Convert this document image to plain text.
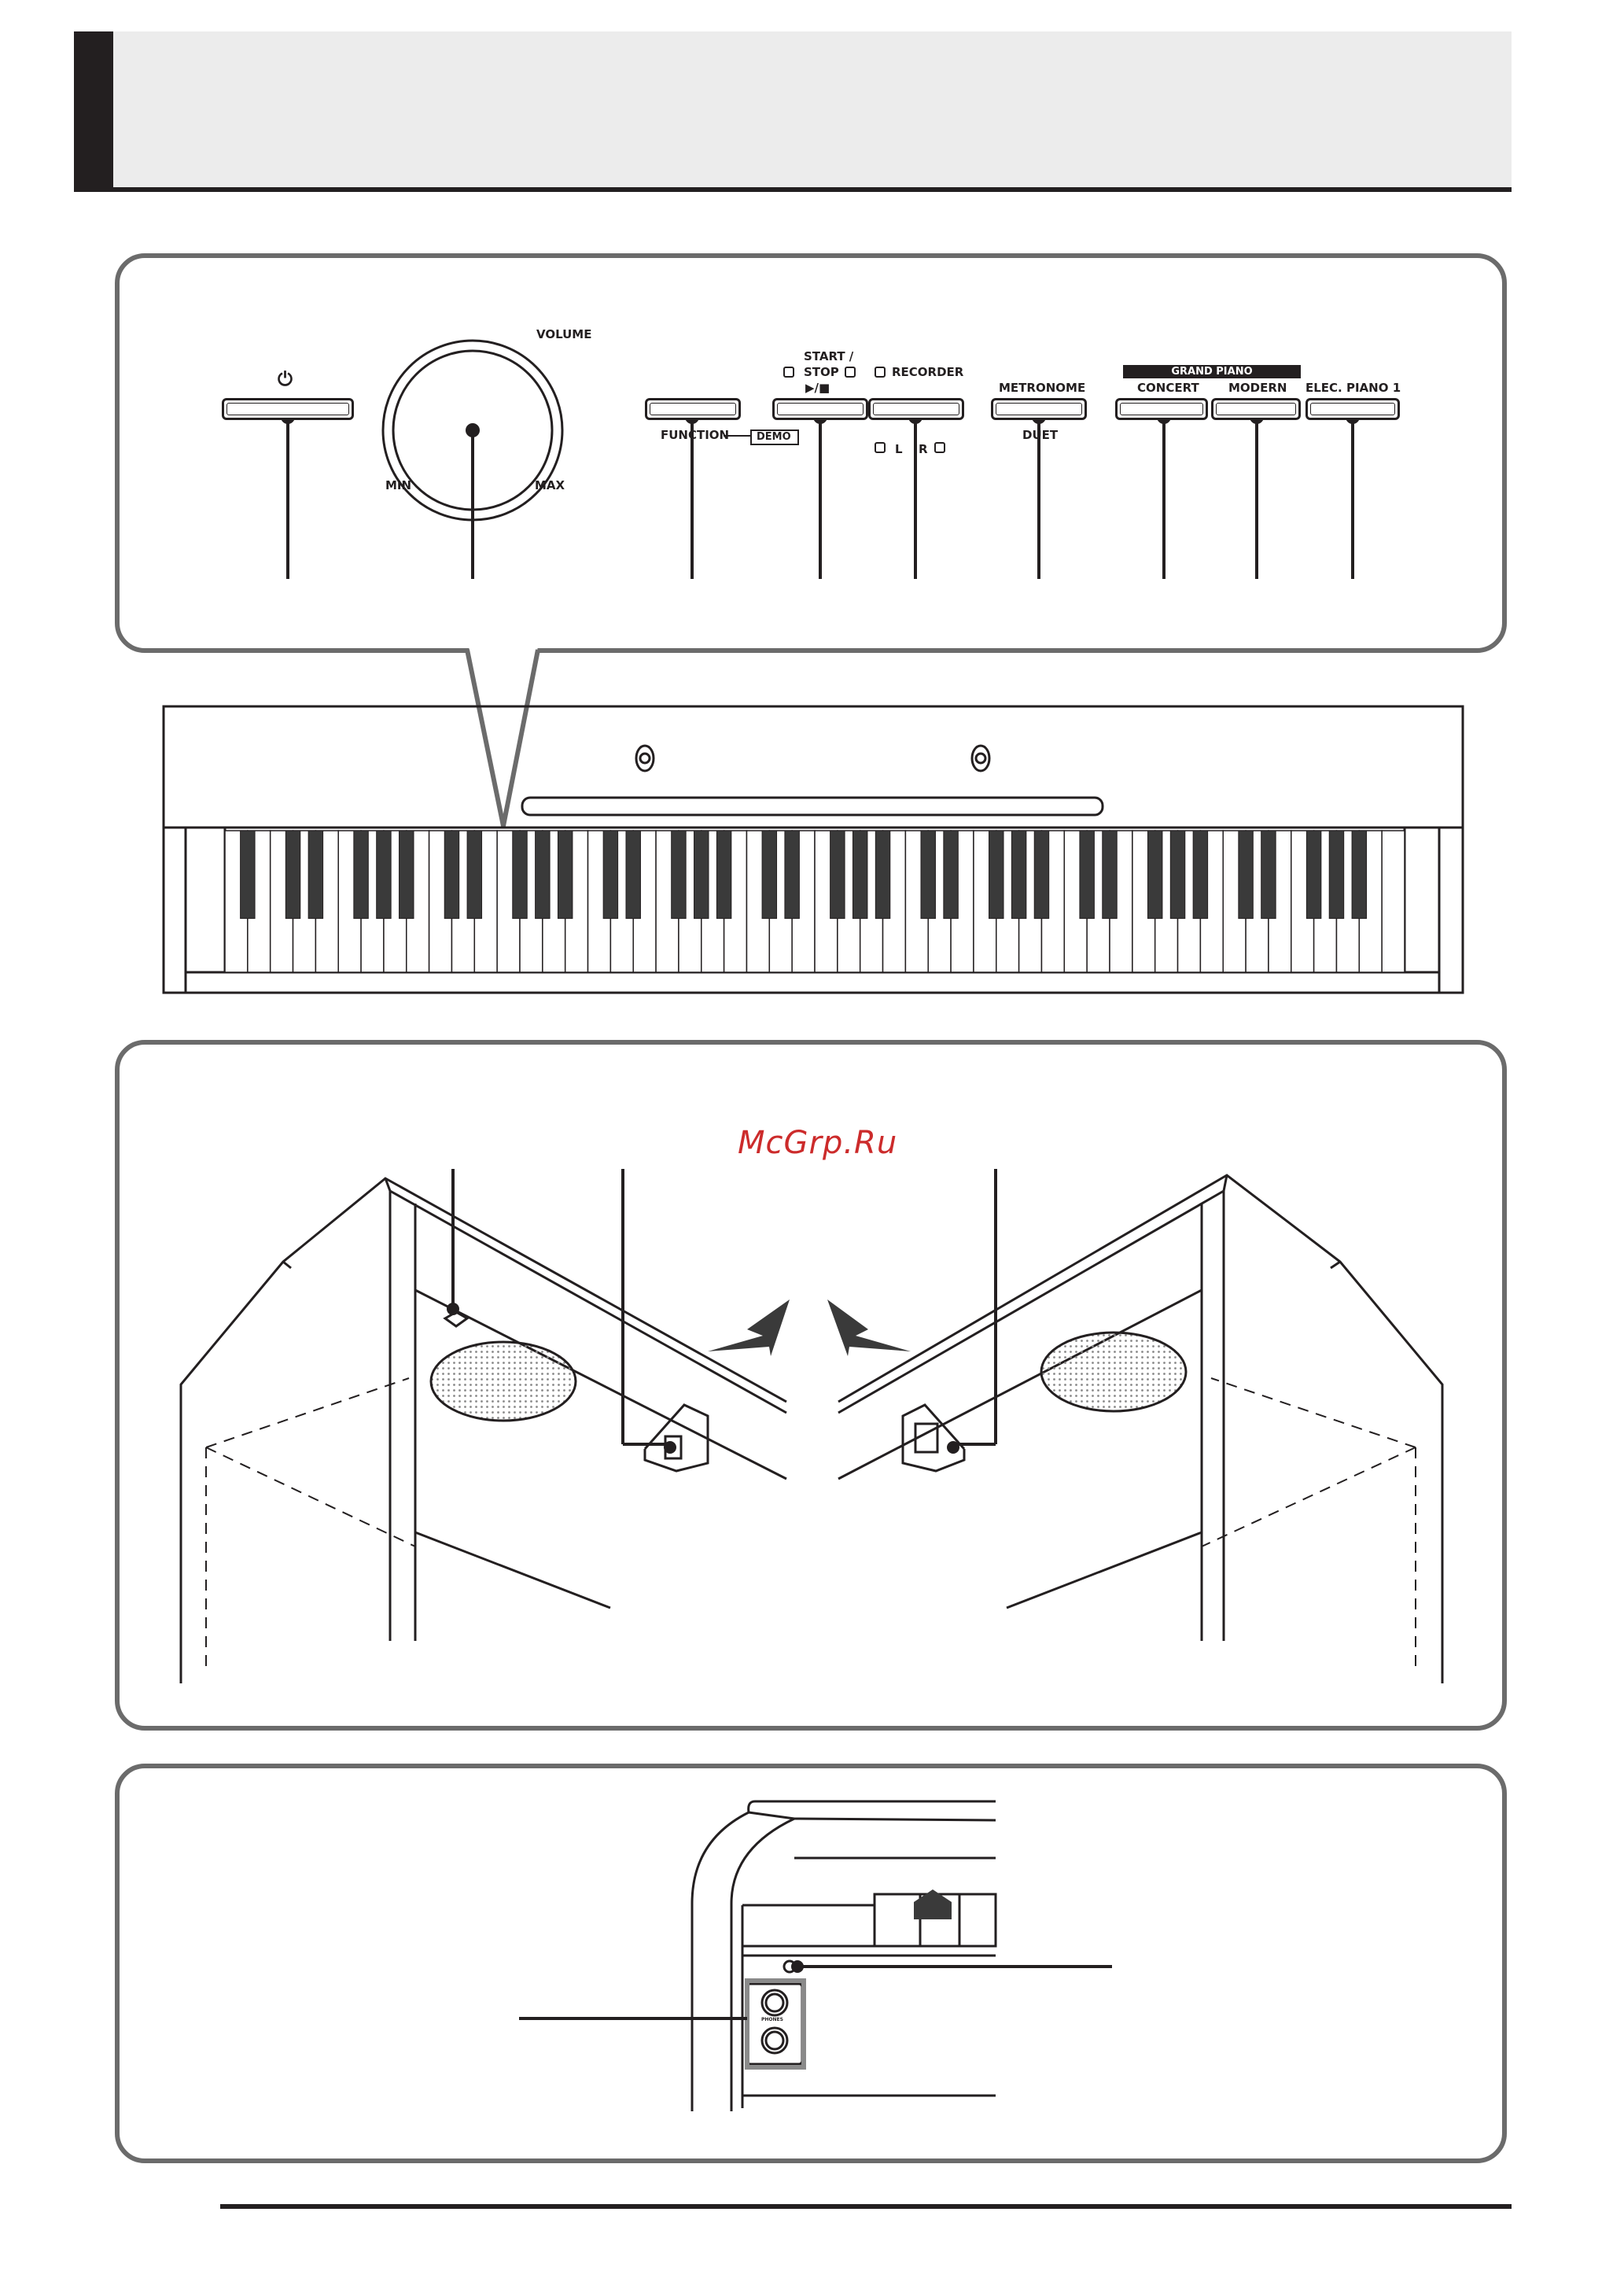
⏻
VOLUME
MIN	MAX
FUNCTION	DEMO
START /
STOP
▶/■
RECORDER
L R
METRONOME
DUET
GRAND PIANO
CONCERT MODERN ELEC. PIANO 1
McGrp.Ru
PHONES
